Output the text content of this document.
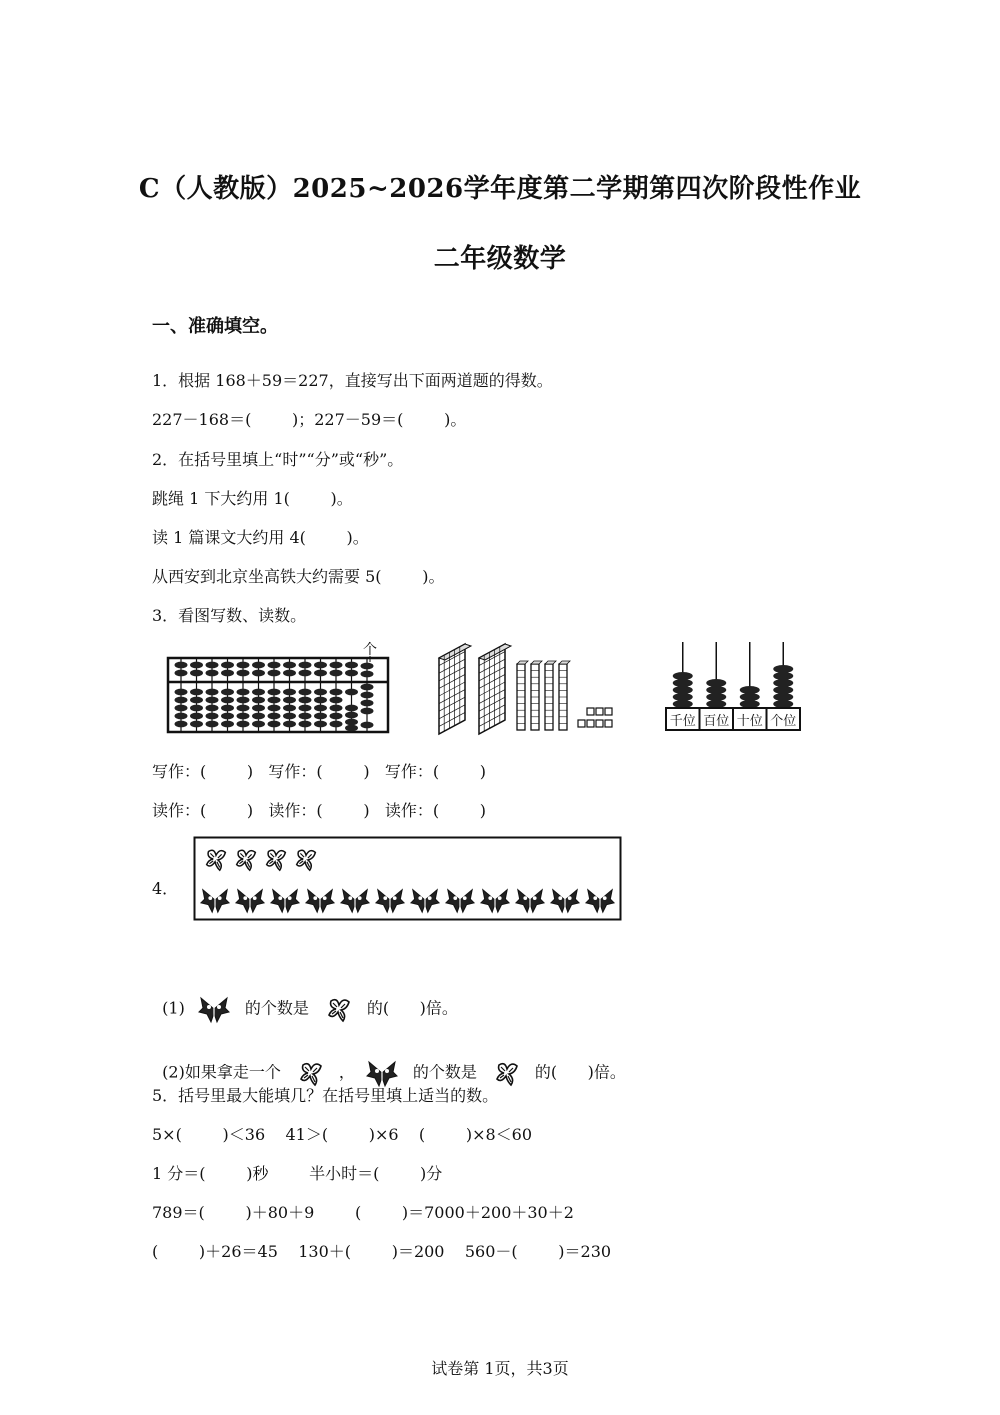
C（人教版）2025~2026学年度第二学期第四次阶段性作业
二年级数学
一、准确填空。
1．根据 168＋59＝227，直接写出下面两道题的得数。
227－168＝(        )；227－59＝(        )。
2．在括号里填上“时”“分”或“秒”。
跳绳 1 下大约用 1(        )。
读 1 篇课文大约用 4(        )。
从西安到北京坐高铁大约需要 5(        )。
3．看图写数、读数。
个
千位 百位 十位 个位
写作：(        )   写作：(        )   写作：(        )
读作：(        )   读作：(        )   读作：(        )
4．

(1)	的个数是	的(      )倍。

(2)如果拿走一个	，	的个数是	的(      )倍。

5．括号里最大能填几？在括号里填上适当的数。
5×(        )＜36    41＞(        )×6    (        )×8＜60
1 分＝(        )秒        半小时＝(        )分
789＝(        )＋80＋9        (        )＝7000＋200＋30＋2
(        )＋26＝45    130＋(        )＝200    560－(        )＝230
试卷第 1页，共3页
